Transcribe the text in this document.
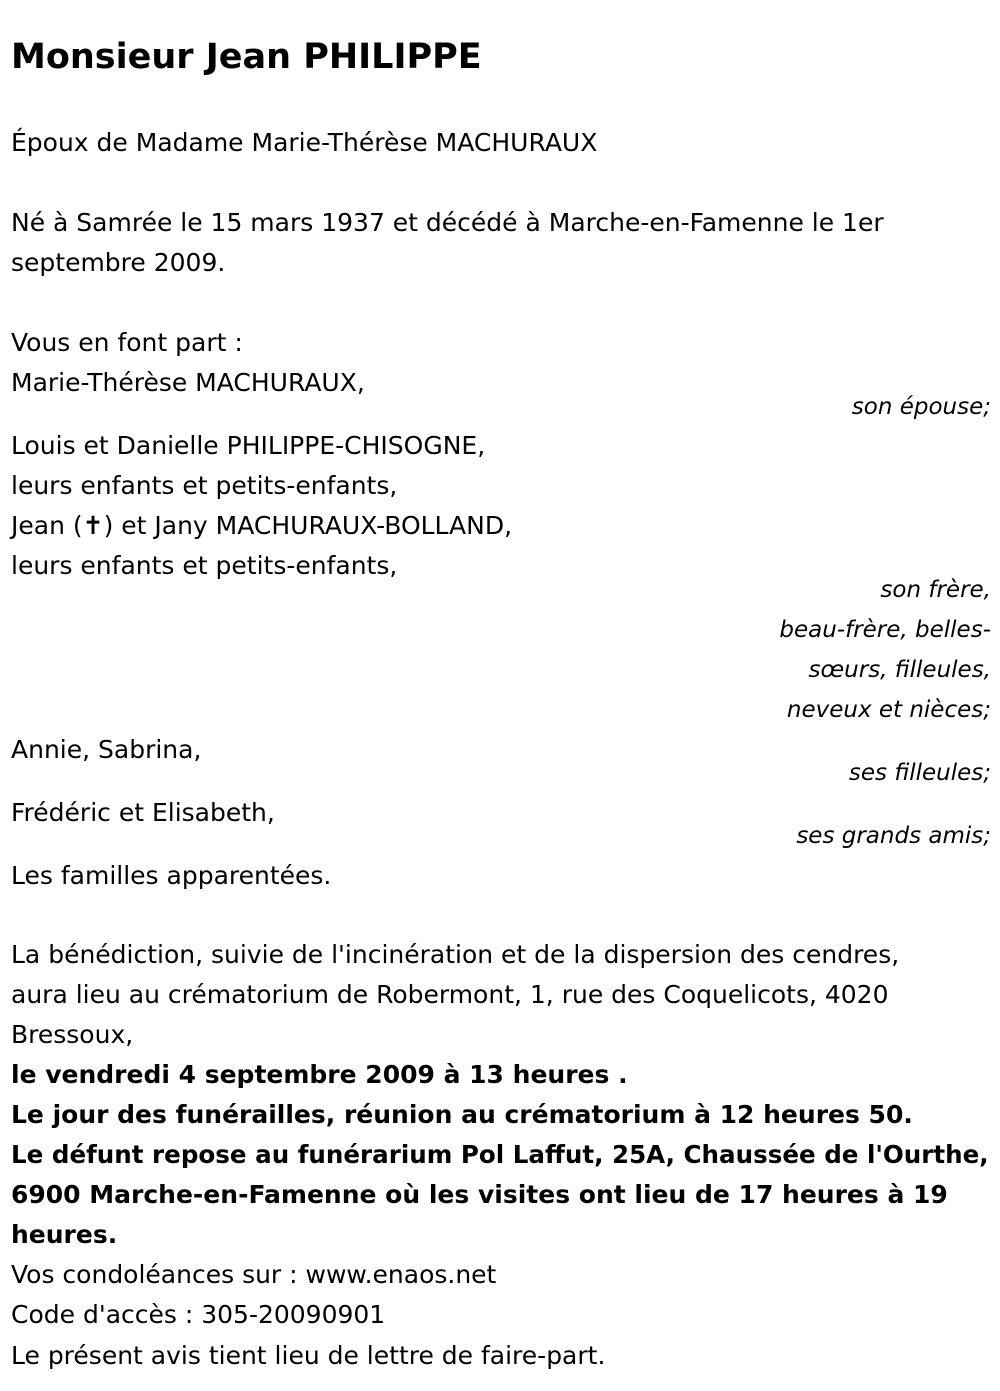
Monsieur Jean PHILIPPE
Époux de Madame Marie-Thérèse MACHURAUX
Né à Samrée le 15 mars 1937 et décédé à Marche-en-Famenne le 1er
septembre 2009.
Vous en font part :
Marie-Thérèse MACHURAUX,
son épouse;
Louis et Danielle PHILIPPE-CHISOGNE,
leurs enfants et petits-enfants,
Jean (✝) et Jany MACHURAUX-BOLLAND,
leurs enfants et petits-enfants,
son frère,
beau-frère, belles-
sœurs, filleules,
neveux et nièces;
Annie, Sabrina,
ses filleules;
Frédéric et Elisabeth,
ses grands amis;
Les familles apparentées.
La bénédiction, suivie de l'incinération et de la dispersion des cendres,
aura lieu au crématorium de Robermont, 1, rue des Coquelicots, 4020
Bressoux,
le vendredi 4 septembre 2009 à 13 heures .
Le jour des funérailles, réunion au crématorium à 12 heures 50.
Le défunt repose au funérarium Pol Laffut, 25A, Chaussée de l'Ourthe,
6900 Marche-en-Famenne où les visites ont lieu de 17 heures à 19
heures.
Vos condoléances sur : www.enaos.net
Code d'accès : 305-20090901
Le présent avis tient lieu de lettre de faire-part.
